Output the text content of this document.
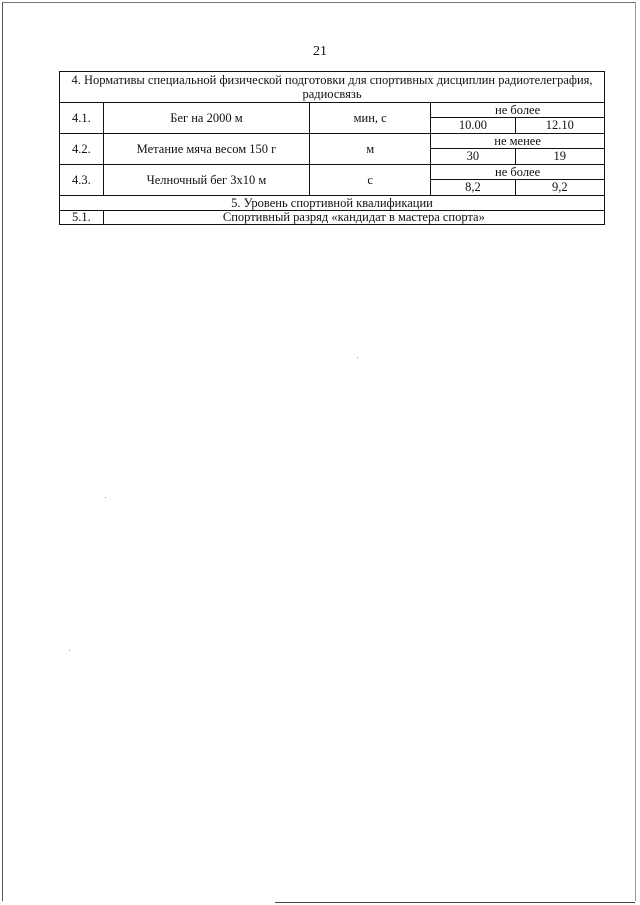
21
4. Нормативы специальной физической подготовки для спортивных дисциплин радиотелеграфия, радиосвязь				
4.1.	Бег на 2000 м	мин, с	не более	
			10.00	12.10
4.2.	Метание мяча весом 150 г	м	не менее	
			30	19
4.3.	Челночный бег 3x10 м	с	не более	
			8,2	9,2
5. Уровень спортивной квалификации				
5.1.	Спортивный разряд «кандидат в мастера спорта»			
